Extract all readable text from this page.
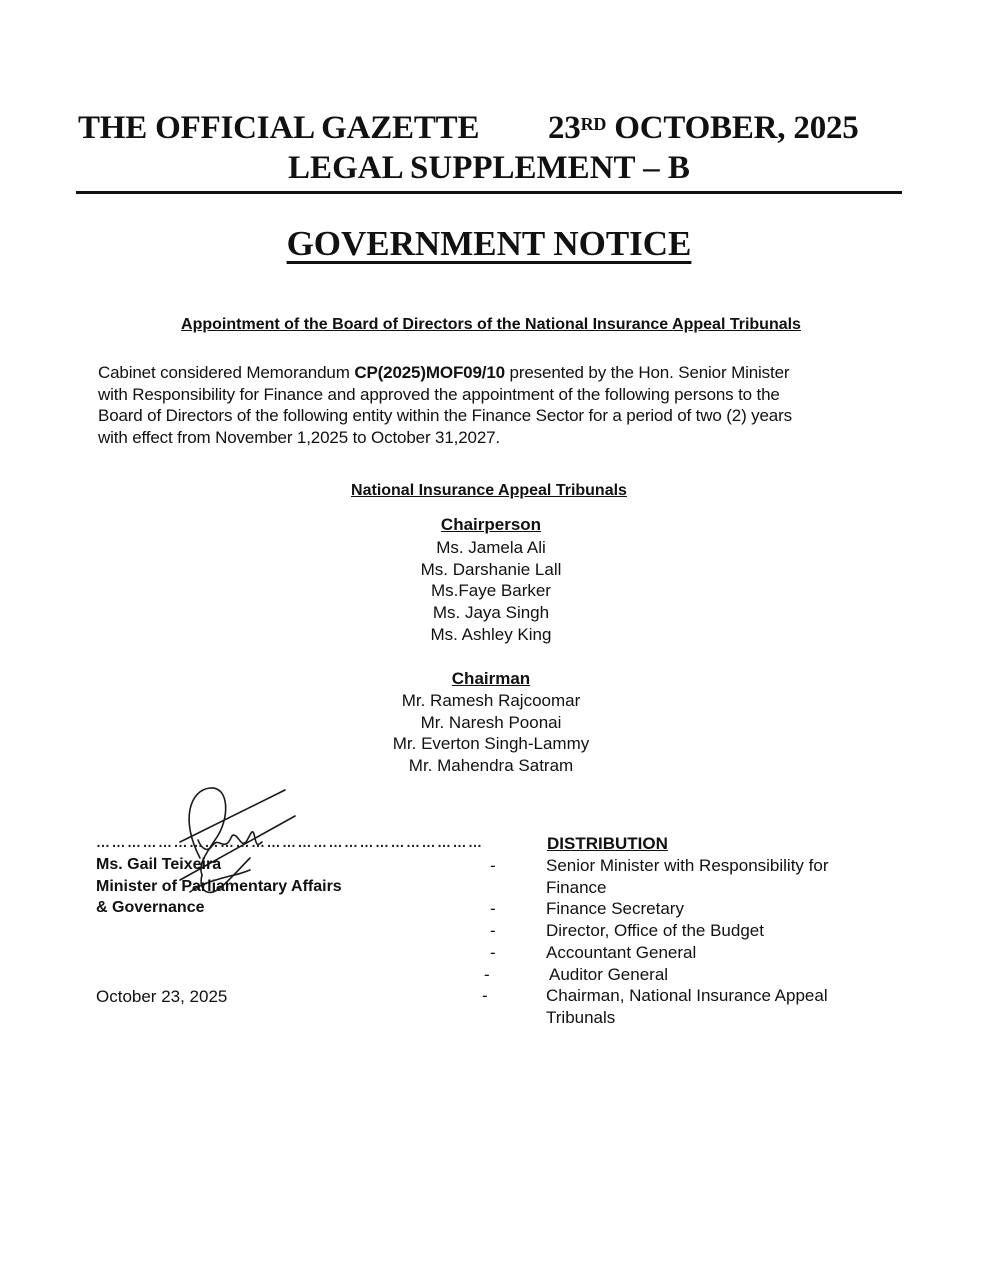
THE OFFICIAL GAZETTE 23RD OCTOBER, 2025
LEGAL SUPPLEMENT – B
GOVERNMENT NOTICE
Appointment of the Board of Directors of the National Insurance Appeal Tribunals
Cabinet considered Memorandum CP(2025)MOF09/10 presented by the Hon. Senior Minister
with Responsibility for Finance and approved the appointment of the following persons to the
Board of Directors of the following entity within the Finance Sector for a period of two (2) years
with effect from November 1,2025 to October 31,2027.
National Insurance Appeal Tribunals
Chairperson
Ms. Jamela Ali
Ms. Darshanie Lall
Ms.Faye Barker
Ms. Jaya Singh
Ms. Ashley King
Chairman
Mr. Ramesh Rajcoomar
Mr. Naresh Poonai
Mr. Everton Singh-Lammy
Mr. Mahendra Satram
…………………………………………………………………
Ms. Gail Teixeira
Minister of Parliamentary Affairs
& Governance
October 23, 2025
DISTRIBUTION
-	Senior Minister with Responsibility for Finance
-	Finance Secretary
-	Director, Office of the Budget
-	Accountant General
-	Auditor General
-	Chairman, National Insurance Appeal Tribunals
